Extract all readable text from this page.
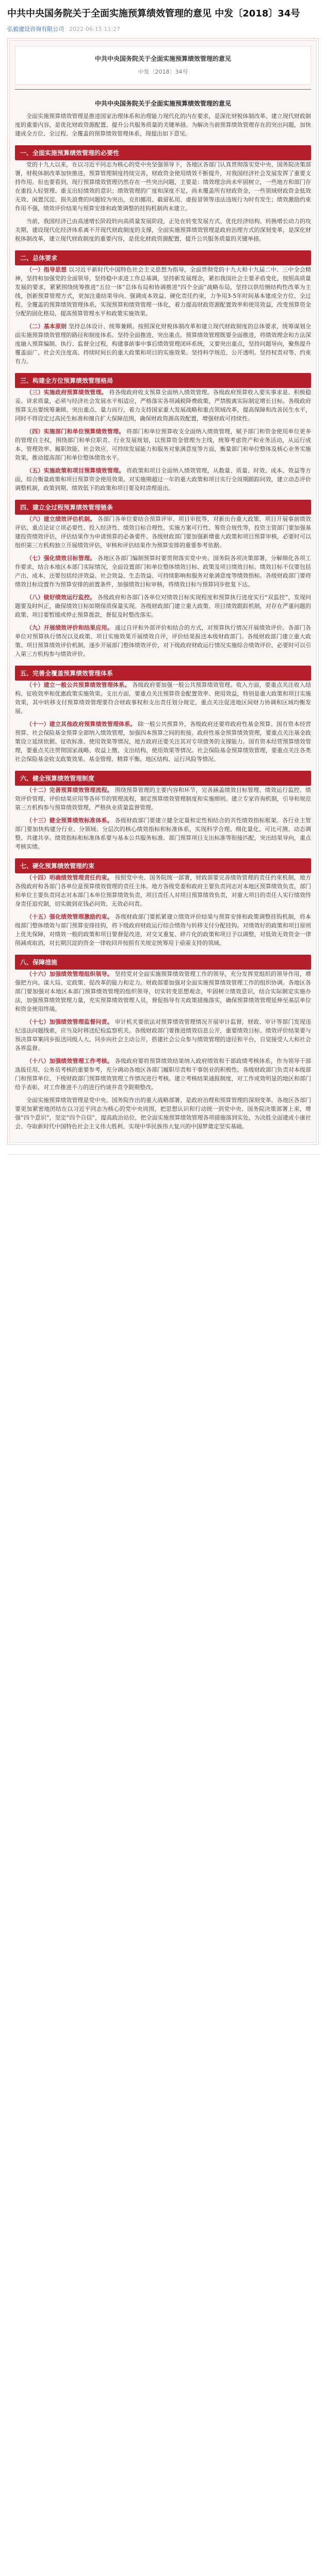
中共中央国务院关于全面实施预算绩效管理的意见 中发〔2018〕34号
弘毅建设咨询有限公司 2022-06-15 11:27
中共中央国务院关于全面实施预算绩效管理的意见
中发〔2018〕34号
中共中央国务院关于全面实施预算绩效管理的意见

全面实施预算绩效管理是推进国家治理体系和治理能力现代化的内在要求，是深化财税体制改革、建立现代财政制度的重要内容，是优化财政资源配置、提升公共服务质量的关键举措。为解决当前预算绩效管理存在的突出问题，加快建成全方位、全过程、全覆盖的预算绩效管理体系，现提出如下意见。

一、全面实施预算绩效管理的必要性

党的十九大以来，在以习近平同志为核心的党中央坚强领导下，各地区各部门认真贯彻落实党中央、国务院决策部署，财税体制改革加快推进，预算管理制度持续完善，财政资金使用绩效不断提升，对我国经济社会发展发挥了重要支持作用。但也要看到，现行预算绩效管理仍然存在一些突出问题，主要是：绩效理念尚未牢固树立，一些地方和部门存在重投入轻管理、重支出轻绩效的意识；绩效管理的广度和深度不足，尚未覆盖所有财政资金，一些领域财政资金低效无效、闲置沉淀、损失浪费的问题较为突出，克扣挪用、截留私用、虚报冒领等违法违规行为时有发生；绩效激励约束作用不强，绩效评价结果与预算安排和政策调整的挂钩机制尚未建立。

当前，我国经济已由高速增长阶段转向高质量发展阶段，正处在转变发展方式、优化经济结构、转换增长动力的攻关期，建设现代化经济体系离不开现代财政制度的支撑，全面实施预算绩效管理是政府治理方式的深刻变革，是深化财税体制改革、建立现代财政制度的重要内容，是优化财政资源配置、提升公共服务质量的关键举措。

二、总体要求

（一）指导思想 以习近平新时代中国特色社会主义思想为指导，全面贯彻党的十九大和十九届二中、三中全会精神，坚持和加强党的全面领导，坚持稳中求进工作总基调，坚持新发展理念，紧扣我国社会主要矛盾变化，按照高质量发展的要求，紧紧围绕统筹推进“五位一体”总体布局和协调推进“四个全面”战略布局，坚持以供给侧结构性改革为主线，创新预算管理方式，更加注重结果导向、强调成本效益、硬化责任约束，力争用3-5年时间基本建成全方位、全过程、全覆盖的预算绩效管理体系，实现预算和绩效管理一体化，着力提高财政资源配置效率和使用效益，改变预算资金分配的固化格局，提高预算管理水平和政策实施效果。

（二）基本原则 坚持总体设计、统筹兼顾。按照深化财税体制改革和建立现代财政制度的总体要求，统筹谋划全面实施预算绩效管理的路径和制度体系。坚持全面推进、突出重点。预算绩效管理既要全面推进，将绩效理念和方法深度融入预算编制、执行、监督全过程，构建事前事中事后绩效管理闭环系统，又要突出重点，坚持问题导向，聚焦提升覆盖面广、社会关注度高、持续时间长的重大政策和项目的实施效果。坚持科学规范、公开透明。坚持权责对等、约束有力。

三、构建全方位预算绩效管理格局

（三）实施政府预算绩效管理。 将各级政府收支预算全面纳入绩效管理。各级政府预算收入要实事求是、积极稳妥、讲求质量，必须与经济社会发展水平相适应，严格落实各项减税降费政策，严禁脱离实际制定增长目标。各级政府预算支出要统筹兼顾、突出重点、量力而行，着力支持国家重大发展战略和重点领域改革，提高保障和改善民生水平，同时不得设定过高民生标准和擅自扩大保障范围，确保财政资源高效配置，增强财政可持续性。

（四）实施部门和单位预算绩效管理。 将部门和单位预算收支全面纳入绩效管理，赋予部门和资金使用单位更多的管理自主权，围绕部门和单位职责、行业发展规划，以预算资金管理为主线，统筹考虑资产和业务活动，从运行成本、管理效率、履职效能、社会效应、可持续发展能力和服务对象满意度等方面，衡量部门和单位整体及核心业务实施效果，推动提高部门和单位整体绩效水平。

（五）实施政策和项目预算绩效管理。 将政策和项目全面纳入绩效管理，从数量、质量、时效、成本、效益等方面，综合衡量政策和项目预算资金使用效果。对实施期超过一年的重大政策和项目实行全周期跟踪问效，建立动态评价调整机制，政策到期、绩效低下的政策和项目要及时清理退出。

四、建立全过程预算绩效管理链条

（六）建立绩效评估机制。 各部门各单位要结合预算评审、项目审批等，对新出台重大政策、项目开展事前绩效评估，重点论证立项必要性、投入经济性、绩效目标合理性、实施方案可行性、筹资合规性等，投资主管部门要加强基建投资绩效评估，评估结果作为申请预算的必备要件。各级财政部门要加强新增重大政策和项目预算审核，必要时可以组织第三方机构独立开展绩效评估，审核和评估结果作为预算安排的重要参考依据。

（七）强化绩效目标管理。 各地区各部门编制预算时要贯彻落实党中央、国务院各项决策部署，分解细化各项工作要求，结合本地区本部门实际情况，全面设置部门和单位整体绩效目标、政策及项目绩效目标。绩效目标不仅要包括产出、成本，还要包括经济效益、社会效益、生态效益、可持续影响和服务对象满意度等绩效指标。各级财政部门要将绩效目标设置作为预算安排的前置条件，加强绩效目标审核，将绩效目标与预算同步批复下达。

（八）做好绩效运行监控。 各级政府和各部门各单位对绩效目标实现程度和预算执行进度实行“双监控”，发现问题要及时纠正，确保绩效目标如期保质保量实现。各级财政部门建立重大政策、项目绩效跟踪机制，对存在严重问题的政策、项目要暂缓或停止预算拨款，督促及时整改落实。

（九）开展绩效评价和结果应用。 通过自评和外部评价相结合的方式，对预算执行情况开展绩效评价。各部门各单位对预算执行情况以及政策、项目实施效果开展绩效自评，评价结果报送本级财政部门。各级财政部门建立重大政策、项目预算绩效评价机制，逐步开展部门整体绩效评价，对下级政府财政运行情况实施综合绩效评价，必要时可以引入第三方机构参与绩效评价。

五、完善全覆盖预算绩效管理体系

（十）建立一般公共预算绩效管理体系。 各级政府要加强一般公共预算绩效管理。收入方面，要重点关注收入结构、征收效率和优惠政策实施效果。支出方面，要重点关注预算资金配置效率、使用效益，特别是重大政策和项目实施效果，其中转移支付预算绩效管理要符合财政事权和支出责任划分规定，重点关注促进地区间财力协调和区域均衡发展。

（十一）建立其他政府预算绩效管理体系。 除一般公共预算外，各级政府还要将政府性基金预算、国有资本经营预算、社会保险基金预算全部纳入绩效管理，加强四本预算之间的衔接。政府性基金预算绩效管理，要重点关注基金政策设立延续依据、征收标准、使用效果等情况，地方政府还要关注其对专项债务的支撑能力。国有资本经营预算绩效管理，要重点关注贯彻国家战略、收益上缴、支出结构、使用效果等情况。社会保险基金预算绩效管理，要重点关注各类社会保险基金收支政策效果、基金管理、精算平衡、地区结构、运行风险等情况。

六、健全预算绩效管理制度

（十二）完善预算绩效管理流程。 围绕预算管理的主要内容和环节，完善涵盖绩效目标管理、绩效运行监控、绩效评价管理、评价结果应用等各环节的管理流程，制定预算绩效管理制度和实施细则。建立专家咨询机制，引导和规范第三方机构参与预算绩效管理，严格执业质量监督管理。

（十三）健全预算绩效标准体系。 各级财政部门要建立健全定量和定性相结合的共性绩效指标框架。各行业主管部门要加快构建分行业、分领域、分层次的核心绩效指标和标准体系，实现科学合理、细化量化、可比可测、动态调整、共建共享。绩效指标和标准体系要与基本公共服务标准、部门预算项目支出标准等衔接匹配，突出结果导向，重点考核实绩。

七、硬化预算绩效管理约束

（十四）明确绩效管理责任约束。 按照党中央、国务院统一部署，财政部要完善绩效管理的责任约束机制，地方各级政府和各部门各单位是预算绩效管理的责任主体。地方各级党委和政府主要负责同志对本地区预算绩效负责，部门和单位主要负责同志对本部门本单位预算绩效负责，项目责任人对项目预算绩效负责，对重大项目的责任人实行绩效终身责任追究制，切实做到花钱必问效、无效必问责。

（十五）强化绩效管理激励约束。 各级财政部门要抓紧建立绩效评价结果与预算安排和政策调整挂钩机制，将本级部门整体绩效与部门预算安排挂钩，将下级政府财政运行综合绩效与转移支付分配挂钩。对绩效好的政策和项目原则上优先保障，对绩效一般的政策和项目要督促改进，对交叉重复、碎片化的政策和项目予以调整，对低效无效资金一律削减或取消，对长期沉淀的资金一律收回并按照有关规定统筹用于亟需支持的领域。

八、保障措施

（十六）加强绩效管理组织领导。 坚持党对全面实施预算绩效管理工作的领导，充分发挥党组织的领导作用，增强把方向、谋大局、定政策、促改革的能力和定力。财政部要加强对全面实施预算绩效管理工作的组织协调。各地区各部门要加强对本地区本部门预算绩效管理的组织领导，切实转变思想观念，牢固树立绩效意识，结合实际制定实施办法，加强预算绩效管理力量，充实预算绩效管理人员，督促指导有关政策措施落实，确保预算绩效管理延伸至基层单位和资金使用终端。

（十七）加强绩效管理监督问责。 审计机关要依法对预算绩效管理情况开展审计监督，财政、审计等部门发现违纪违法问题线索，应当及时移送纪检监察机关。各级财政部门要推进绩效信息公开，重要绩效目标、绩效评价结果要与预决算草案同步报送同级人大、同步向社会主动公开，搭建社会公众参与绩效管理的途径和平台，自觉接受人大和社会各界监督。

（十八）加强绩效管理工作考核。 各级政府要将预算绩效结果纳入政府绩效和干部政绩考核体系，作为领导干部选拔任用、公务员考核的重要参考，充分调动各地区各部门履职尽责和干事创业的积极性。各级财政部门负责对本级部门和预算单位、下级财政部门预算绩效管理工作情况进行考核。建立考核结果通报制度，对工作成效明显的地区和部门给予表彰，对工作推进不力的进行约谈并责令限期整改。

全面实施预算绩效管理是党中央、国务院作出的重大战略部署，是政府治理和预算管理的深刻变革。各地区各部门要更加紧密地团结在以习近平同志为核心的党中央周围，把思想认识和行动统一到党中央、国务院决策部署上来，增强“四个意识”，坚定“四个自信”，提高政治站位，把全面实施预算绩效管理各项措施落到实处，为决胜全面建成小康社会、夺取新时代中国特色社会主义伟大胜利、实现中华民族伟大复兴的中国梦奠定坚实基础。
